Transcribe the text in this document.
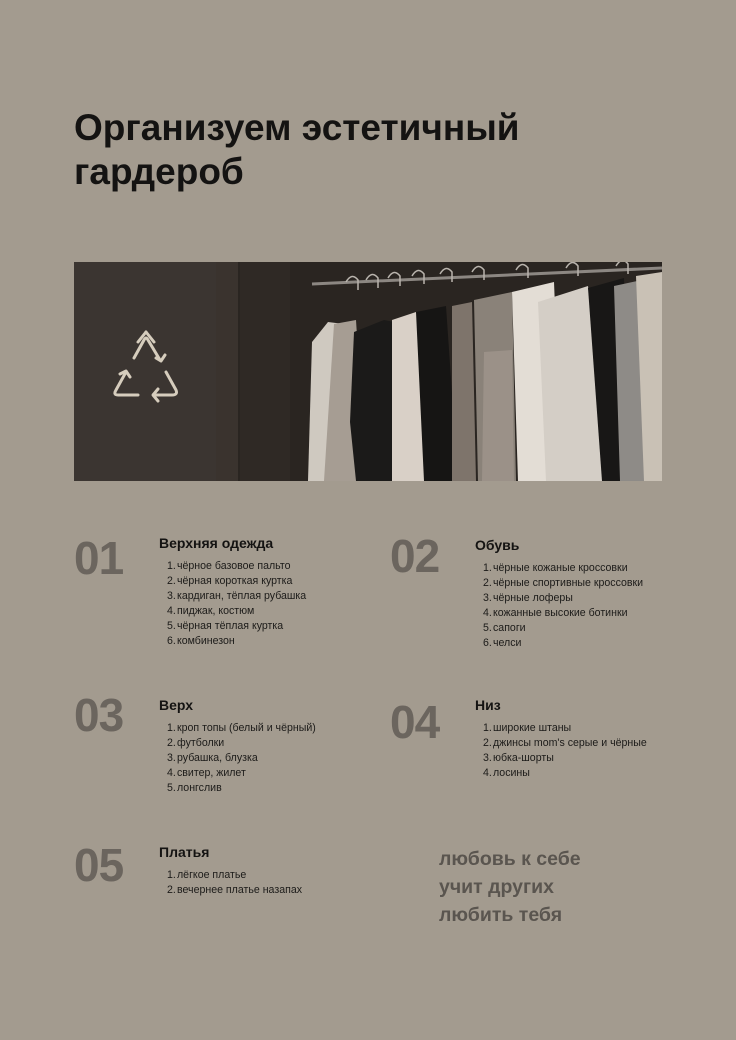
Организуем эстетичный
гардероб
01	Верхняя одежда
1.чёрное базовое пальто
2.чёрная короткая куртка
3.кардиган, тёплая рубашка
4.пиджак, костюм
5.чёрная тёплая куртка
6.комбинезон
02	Обувь
1.чёрные кожаные кроссовки
2.чёрные спортивные кроссовки
3.чёрные лоферы
4.кожанные высокие ботинки
5.сапоги
6.челси
03	Верх
1.кроп топы (белый и чёрный)
2.футболки
3.рубашка, блузка
4.свитер, жилет
5.лонгслив
04	Низ
1.широкие штаны
2.джинсы mom's серые и чёрные
3.юбка-шорты
4.лосины
05	Платья
1.лёгкое платье
2.вечернее платье назапах

любовь к себе
учит других
любить тебя
